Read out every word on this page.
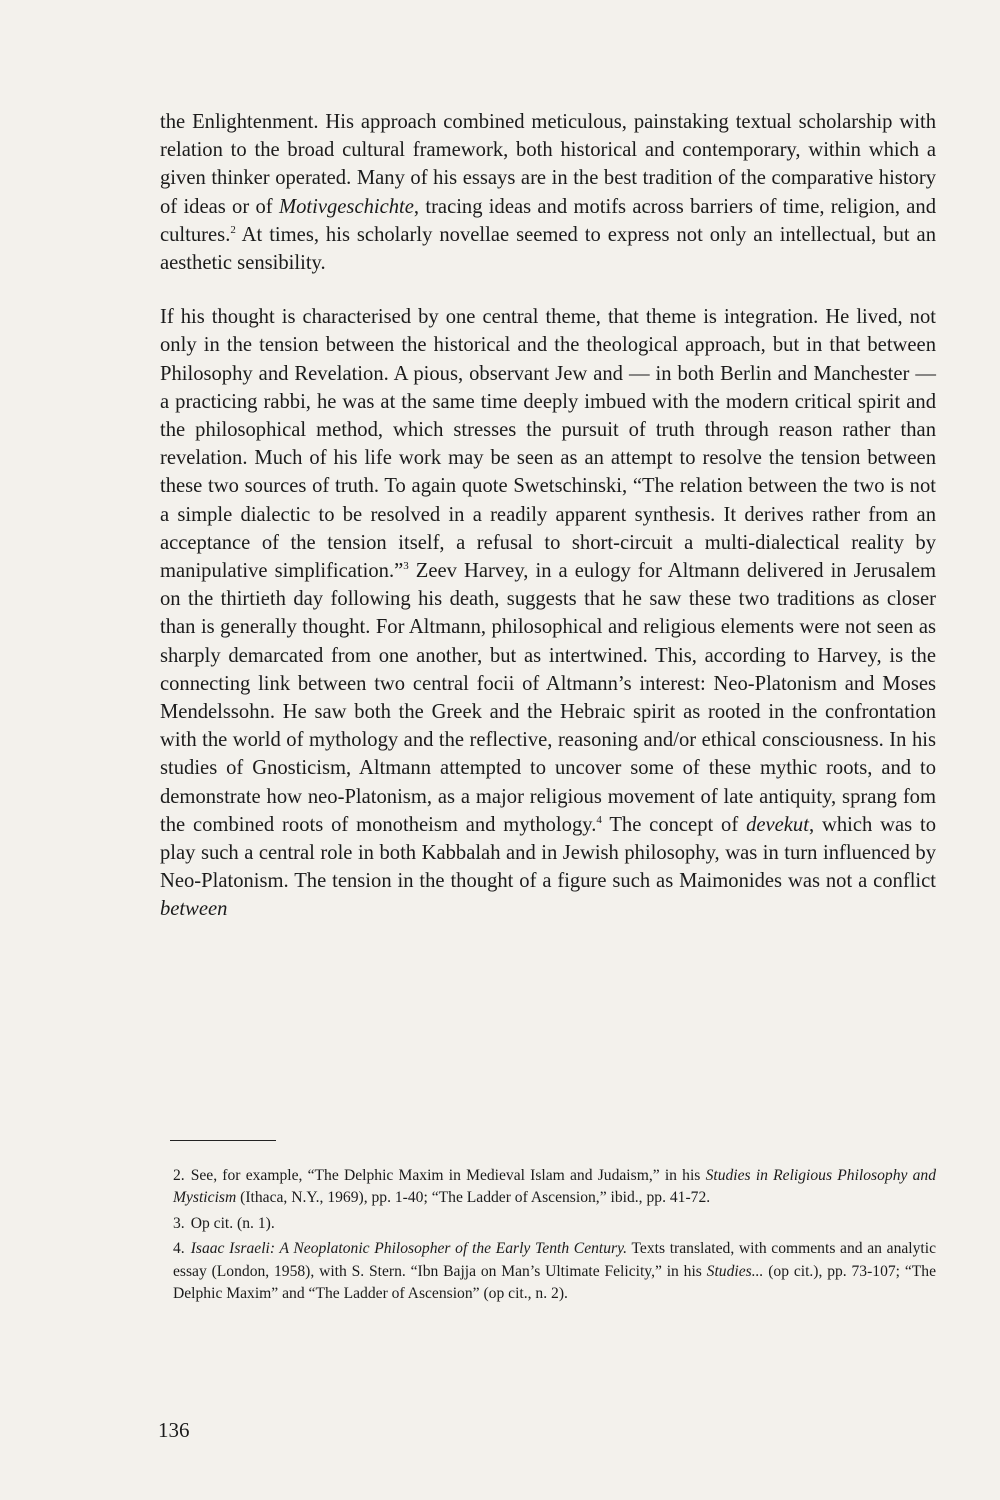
the Enlightenment. His approach combined meticulous, painstaking textual scholarship with relation to the broad cultural framework, both historical and contemporary, within which a given thinker operated. Many of his essays are in the best tradition of the comparative history of ideas or of Motivgeschichte, tracing ideas and motifs across barriers of time, religion, and cultures.$^2$ At times, his scholarly novellae seemed to express not only an intellectual, but an aesthetic sensibility.

If his thought is characterised by one central theme, that theme is integration. He lived, not only in the tension between the historical and the theological approach, but in that between Philosophy and Revelation. A pious, observant Jew and — in both Berlin and Manchester — a practicing rabbi, he was at the same time deeply imbued with the modern critical spirit and the philosophical method, which stresses the pursuit of truth through reason rather than revelation. Much of his life work may be seen as an attempt to resolve the tension between these two sources of truth. To again quote Swetschinski, “The relation between the two is not a simple dialectic to be resolved in a readily apparent synthesis. It derives rather from an acceptance of the tension itself, a refusal to short-circuit a multi-dialectical reality by manipulative simplification.”$^3$ Zeev Harvey, in a eulogy for Altmann delivered in Jerusalem on the thirtieth day following his death, suggests that he saw these two traditions as closer than is generally thought. For Altmann, philosophical and religious elements were not seen as sharply demarcated from one another, but as intertwined. This, according to Harvey, is the connecting link between two central focii of Altmann’s interest: Neo-Platonism and Moses Mendelssohn. He saw both the Greek and the Hebraic spirit as rooted in the confrontation with the world of mythology and the reflective, reasoning and/or ethical consciousness. In his studies of Gnosticism, Altmann attempted to uncover some of these mythic roots, and to demonstrate how neo-Platonism, as a major religious movement of late antiquity, sprang fom the combined roots of monotheism and mythology.$^4$ The concept of devekut, which was to play such a central role in both Kabbalah and in Jewish philosophy, was in turn influenced by Neo-Platonism. The tension in the thought of a figure such as Maimonides was not a conflict between

2. See, for example, “The Delphic Maxim in Medieval Islam and Judaism,” in his Studies in Religious Philosophy and Mysticism (Ithaca, N.Y., 1969), pp. 1-40; “The Ladder of Ascension,” ibid., pp. 41-72.

3. Op cit. (n. 1).

4. Isaac Israeli: A Neoplatonic Philosopher of the Early Tenth Century. Texts translated, with comments and an analytic essay (London, 1958), with S. Stern. “Ibn Bajja on Man’s Ultimate Felicity,” in his Studies... (op cit.), pp. 73-107; “The Delphic Maxim” and “The Ladder of Ascension” (op cit., n. 2).

136
